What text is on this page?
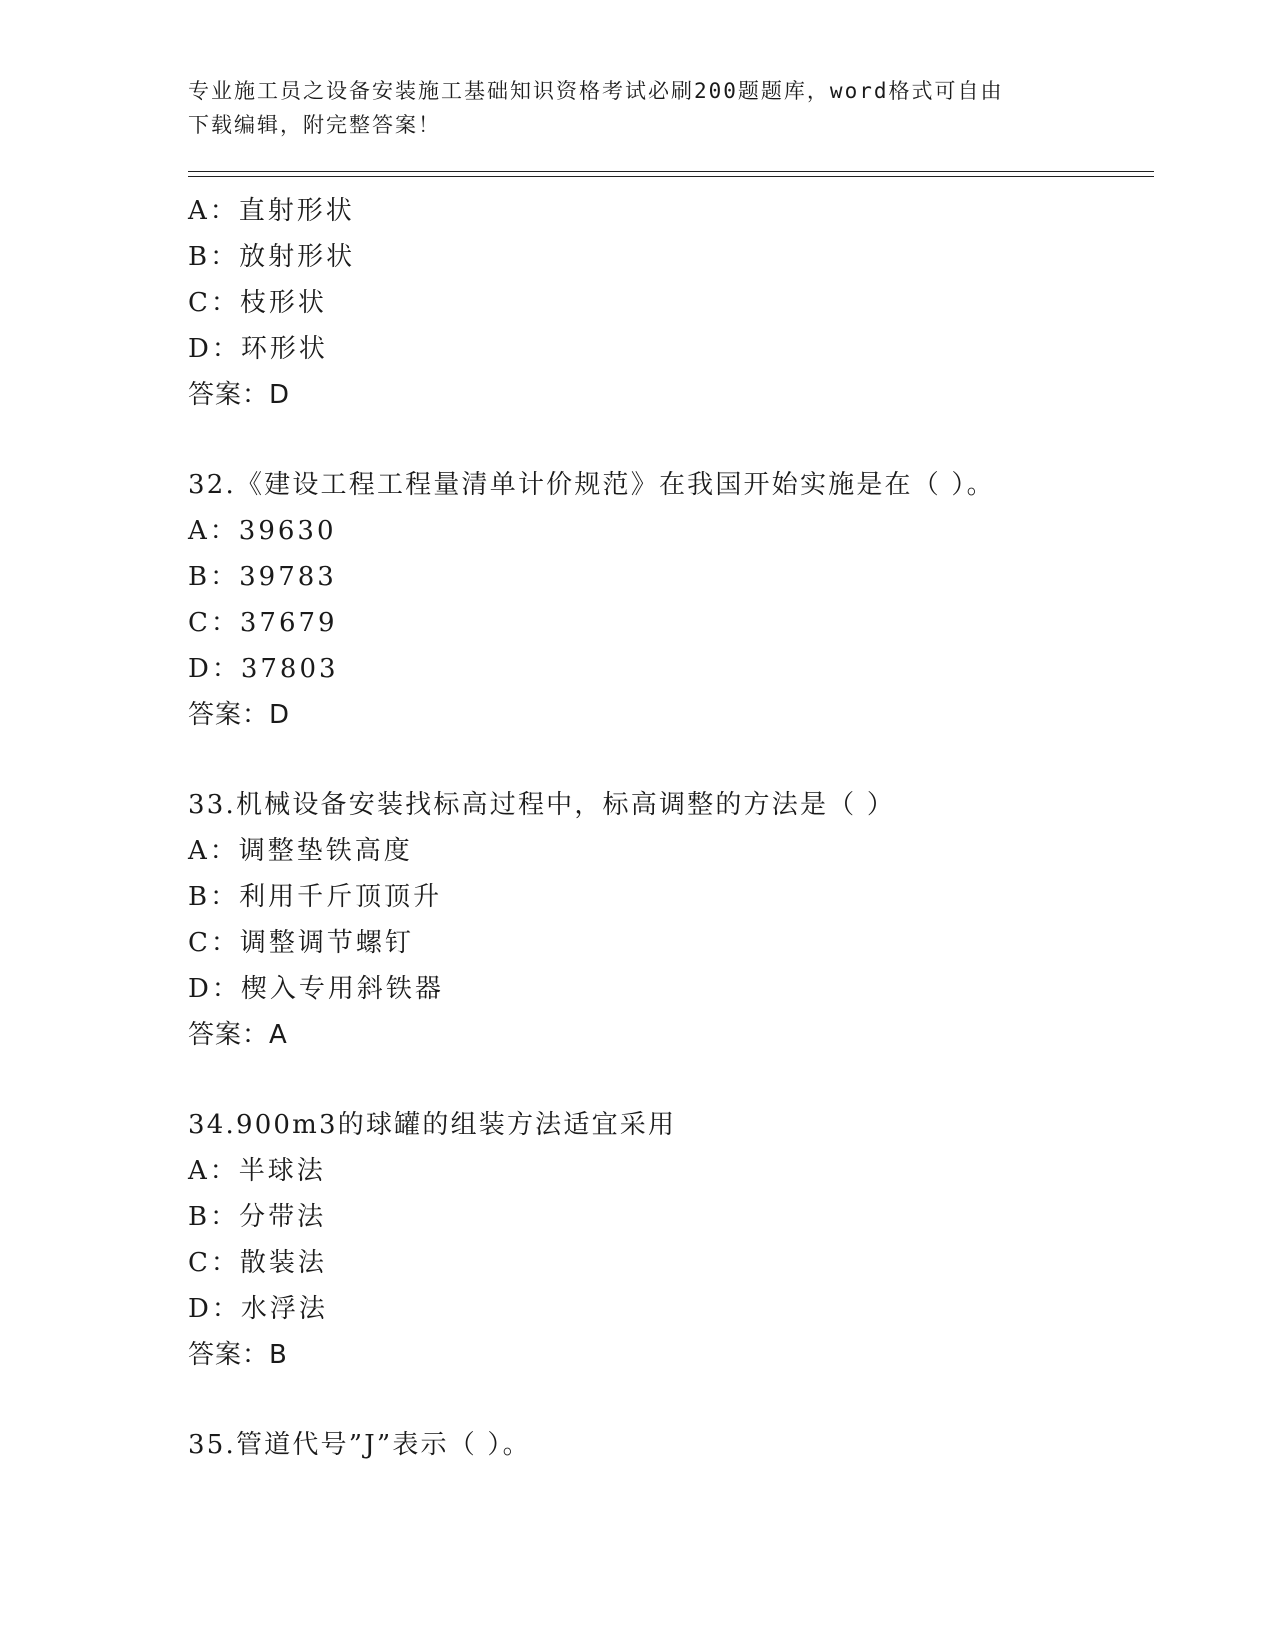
专业施工员之设备安装施工基础知识资格考试必刷200题题库，word格式可自由
下载编辑，附完整答案！
A：直射形状
B：放射形状
C：枝形状
D：环形状
答案：D
32.《建设工程工程量清单计价规范》在我国开始实施是在（ ）。
A：39630
B：39783
C：37679
D：37803
答案：D
33.机械设备安装找标高过程中，标高调整的方法是（ ）
A：调整垫铁高度
B：利用千斤顶顶升
C：调整调节螺钉
D：楔入专用斜铁器
答案：A
34.900m3的球罐的组装方法适宜采用
A：半球法
B：分带法
C：散装法
D：水浮法
答案：B
35.管道代号”J”表示（ ）。
